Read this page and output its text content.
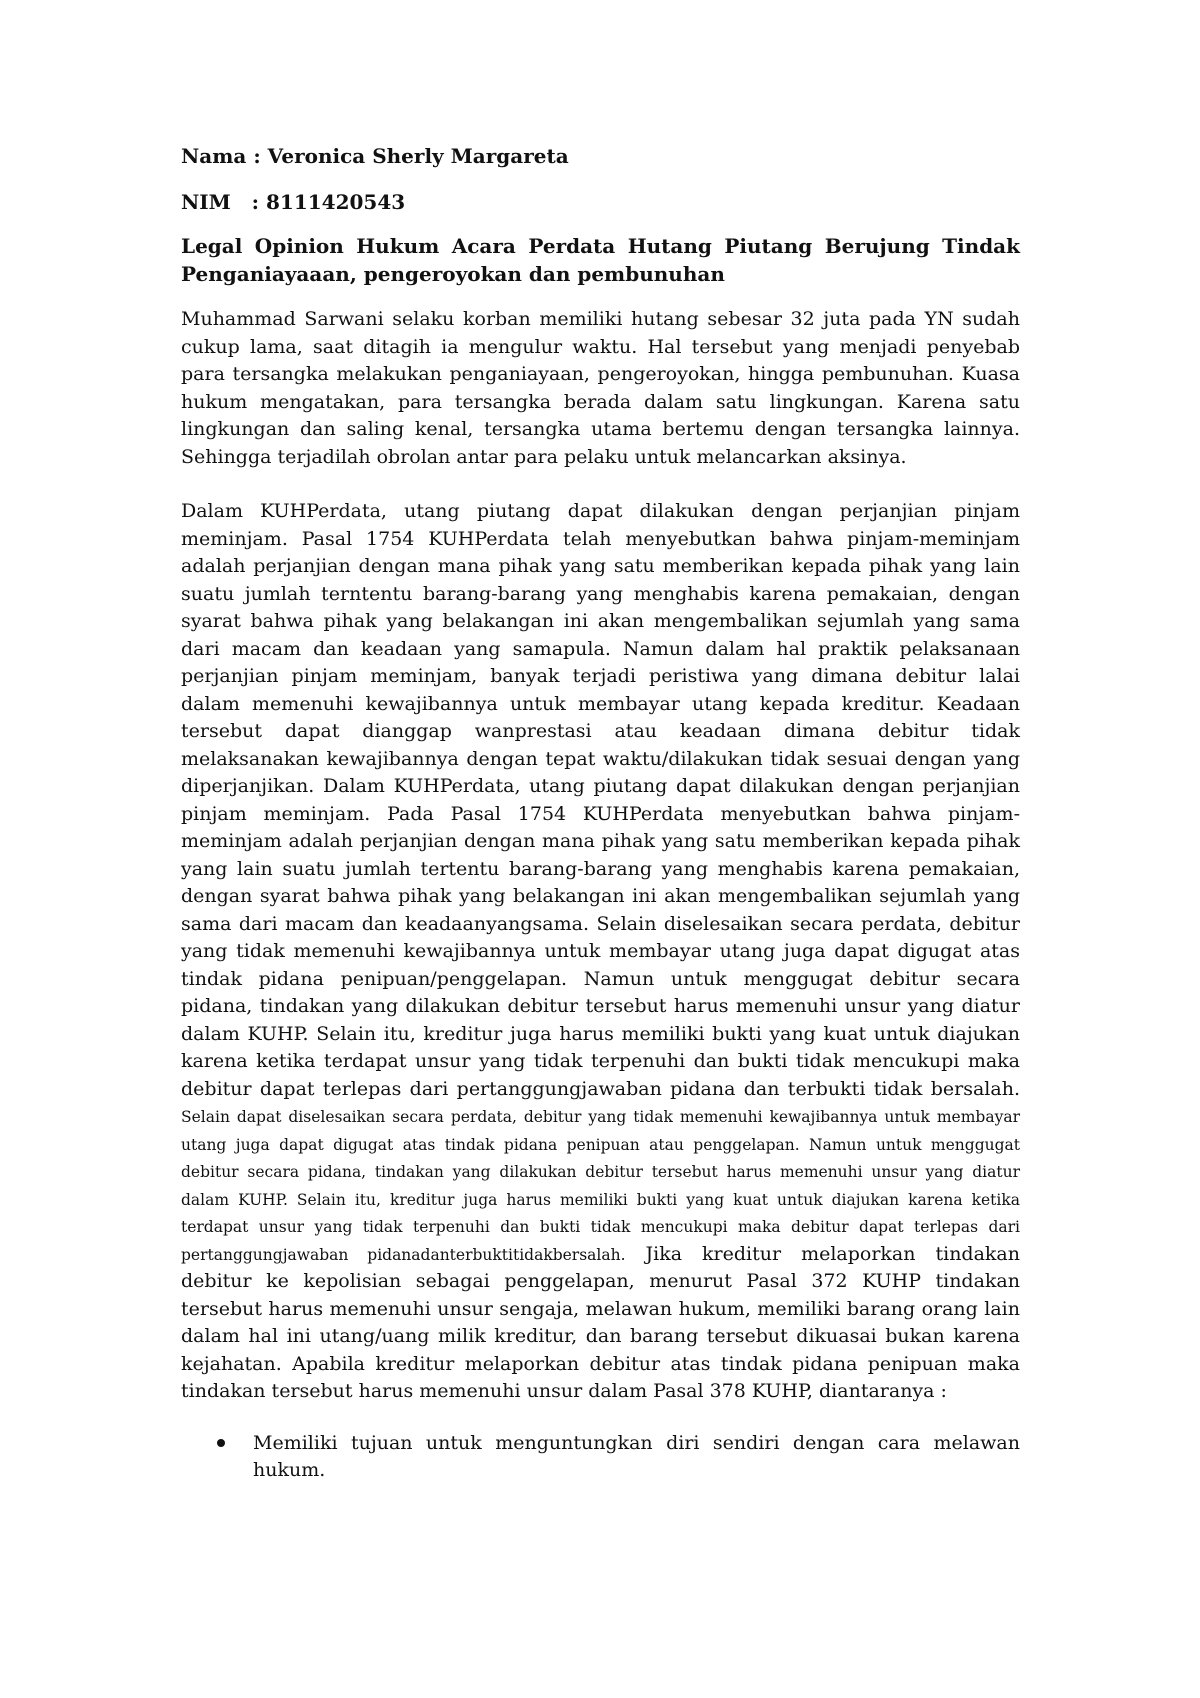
Nama : Veronica Sherly Margareta

NIM   : 8111420543

Legal Opinion Hukum Acara Perdata Hutang Piutang Berujung Tindak Penganiayaaan, pengeroyokan dan pembunuhan

Muhammad Sarwani selaku korban memiliki hutang sebesar 32 juta pada YN sudah cukup lama, saat ditagih ia mengulur waktu. Hal tersebut yang menjadi penyebab para tersangka melakukan penganiayaan, pengeroyokan, hingga pembunuhan. Kuasa hukum mengatakan, para tersangka berada dalam satu lingkungan. Karena satu lingkungan dan saling kenal, tersangka utama bertemu dengan tersangka lainnya. Sehingga terjadilah obrolan antar para pelaku untuk melancarkan aksinya.

Dalam KUHPerdata, utang piutang dapat dilakukan dengan perjanjian pinjam meminjam. Pasal 1754 KUHPerdata telah menyebutkan bahwa pinjam-meminjam adalah perjanjian dengan mana pihak yang satu memberikan kepada pihak yang lain suatu jumlah terntentu barang-barang yang menghabis karena pemakaian, dengan syarat bahwa pihak yang belakangan ini akan mengembalikan sejumlah yang sama dari macam dan keadaan yang samapula. Namun dalam hal praktik pelaksanaan perjanjian pinjam meminjam, banyak terjadi peristiwa yang dimana debitur lalai dalam memenuhi kewajibannya untuk membayar utang kepada kreditur. Keadaan tersebut dapat dianggap wanprestasi atau keadaan dimana debitur tidak melaksanakan kewajibannya dengan tepat waktu/dilakukan tidak sesuai dengan yang diperjanjikan. Dalam KUHPerdata, utang piutang dapat dilakukan dengan perjanjian pinjam meminjam. Pada Pasal 1754 KUHPerdata menyebutkan bahwa pinjam-meminjam adalah perjanjian dengan mana pihak yang satu memberikan kepada pihak yang lain suatu jumlah tertentu barang-barang yang menghabis karena pemakaian, dengan syarat bahwa pihak yang belakangan ini akan mengembalikan sejumlah yang sama dari macam dan keadaanyangsama. Selain diselesaikan secara perdata, debitur yang tidak memenuhi kewajibannya untuk membayar utang juga dapat digugat atas tindak pidana penipuan/penggelapan. Namun untuk menggugat debitur secara pidana, tindakan yang dilakukan debitur tersebut harus memenuhi unsur yang diatur dalam KUHP. Selain itu, kreditur juga harus memiliki bukti yang kuat untuk diajukan karena ketika terdapat unsur yang tidak terpenuhi dan bukti tidak mencukupi maka debitur dapat terlepas dari pertanggungjawaban pidana dan terbukti tidak bersalah. Selain dapat diselesaikan secara perdata, debitur yang tidak memenuhi kewajibannya untuk membayar utang juga dapat digugat atas tindak pidana penipuan atau penggelapan. Namun untuk menggugat debitur secara pidana, tindakan yang dilakukan debitur tersebut harus memenuhi unsur yang diatur dalam KUHP. Selain itu, kreditur juga harus memiliki bukti yang kuat untuk diajukan karena ketika terdapat unsur yang tidak terpenuhi dan bukti tidak mencukupi maka debitur dapat terlepas dari pertanggungjawaban pidanadanterbuktitidakbersalah. Jika kreditur melaporkan tindakan debitur ke kepolisian sebagai penggelapan, menurut Pasal 372 KUHP tindakan tersebut harus memenuhi unsur sengaja, melawan hukum, memiliki barang orang lain dalam hal ini utang/uang milik kreditur, dan barang tersebut dikuasai bukan karena kejahatan. Apabila kreditur melaporkan debitur atas tindak pidana penipuan maka tindakan tersebut harus memenuhi unsur dalam Pasal 378 KUHP, diantaranya :

Memiliki tujuan untuk menguntungkan diri sendiri dengan cara melawan hukum.
